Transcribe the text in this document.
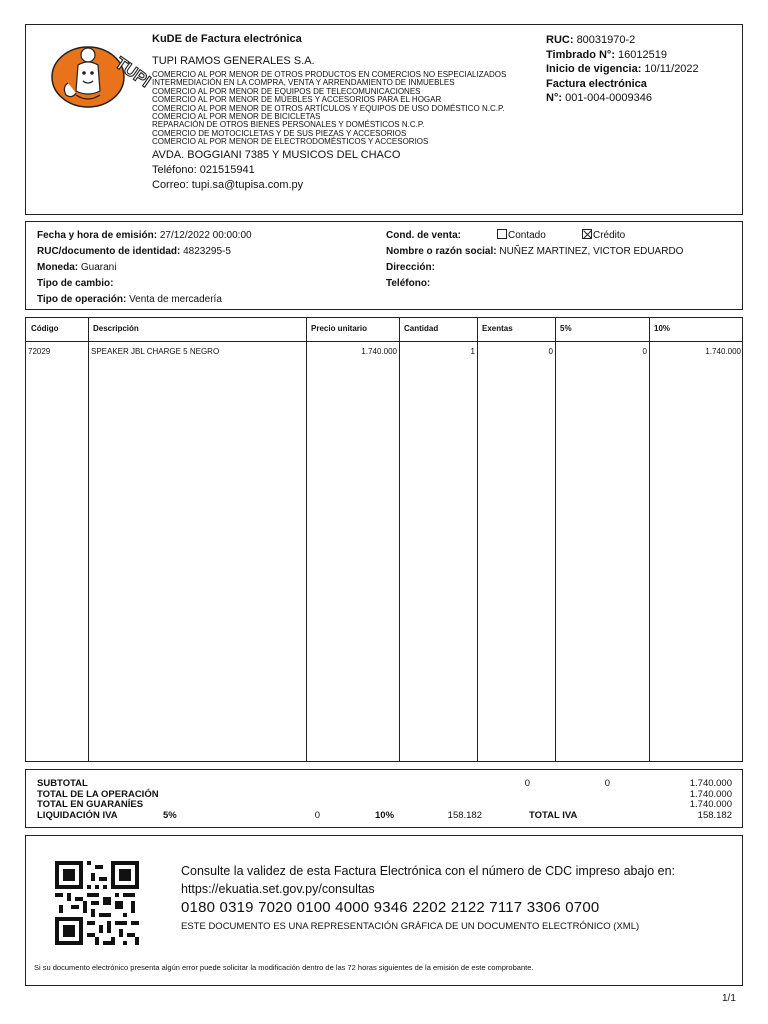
TUPI
KuDE de Factura electrónica
TUPI RAMOS GENERALES S.A.
COMERCIO AL POR MENOR DE OTROS PRODUCTOS EN COMERCIOS NO ESPECIALIZADOS
INTERMEDIACIÓN EN LA COMPRA, VENTA Y ARRENDAMIENTO DE INMUEBLES
COMERCIO AL POR MENOR DE EQUIPOS DE TELECOMUNICACIONES
COMERCIO AL POR MENOR DE MUEBLES Y ACCESORIOS PARA EL HOGAR
COMERCIO AL POR MENOR DE OTROS ARTÍCULOS Y EQUIPOS DE USO DOMÉSTICO N.C.P.
COMERCIO AL POR MENOR DE BICICLETAS
REPARACIÓN DE OTROS BIENES PERSONALES Y DOMÉSTICOS N.C.P.
COMERCIO DE MOTOCICLETAS Y DE SUS PIEZAS Y ACCESORIOS
COMERCIO AL POR MENOR DE ELECTRODOMÉSTICOS Y ACCESORIOS
AVDA. BOGGIANI 7385 Y MUSICOS DEL CHACO
Teléfono: 021515941
Correo: tupi.sa@tupisa.com.py
RUC: 80031970-2
Timbrado N°: 16012519
Inicio de vigencia: 10/11/2022
Factura electrónica
N°: 001-004-0009346
Fecha y hora de emisión: 27/12/2022 00:00:00
RUC/documento de identidad: 4823295-5
Moneda: Guarani
Tipo de cambio:
Tipo de operación: Venta de mercadería
Cond. de venta:	Contado	Crédito
Nombre o razón social: NUÑEZ MARTINEZ, VICTOR EDUARDO
Dirección:
Teléfono:
Código	Descripción	Precio unitario	Cantidad	Exentas	5%	10%
72029	SPEAKER JBL CHARGE 5 NEGRO	1.740.000	1	0	0	1.740.000
SUBTOTAL	0	0	1.740.000
TOTAL DE LA OPERACIÓN	1.740.000
TOTAL EN GUARANÍES	1.740.000
LIQUIDACIÓN IVA	5%	0	10%	158.182	TOTAL IVA	158.182
Consulte la validez de esta Factura Electrónica con el número de CDC impreso abajo en:
https://ekuatia.set.gov.py/consultas
0180 0319 7020 0100 4000 9346 2202 2122 7117 3306 0700
ESTE DOCUMENTO ES UNA REPRESENTACIÓN GRÁFICA DE UN DOCUMENTO ELECTRÓNICO (XML)
Si su documento electrónico presenta algún error puede solicitar la modificación dentro de las 72 horas siguientes de la emisión de este comprobante.
1/1
